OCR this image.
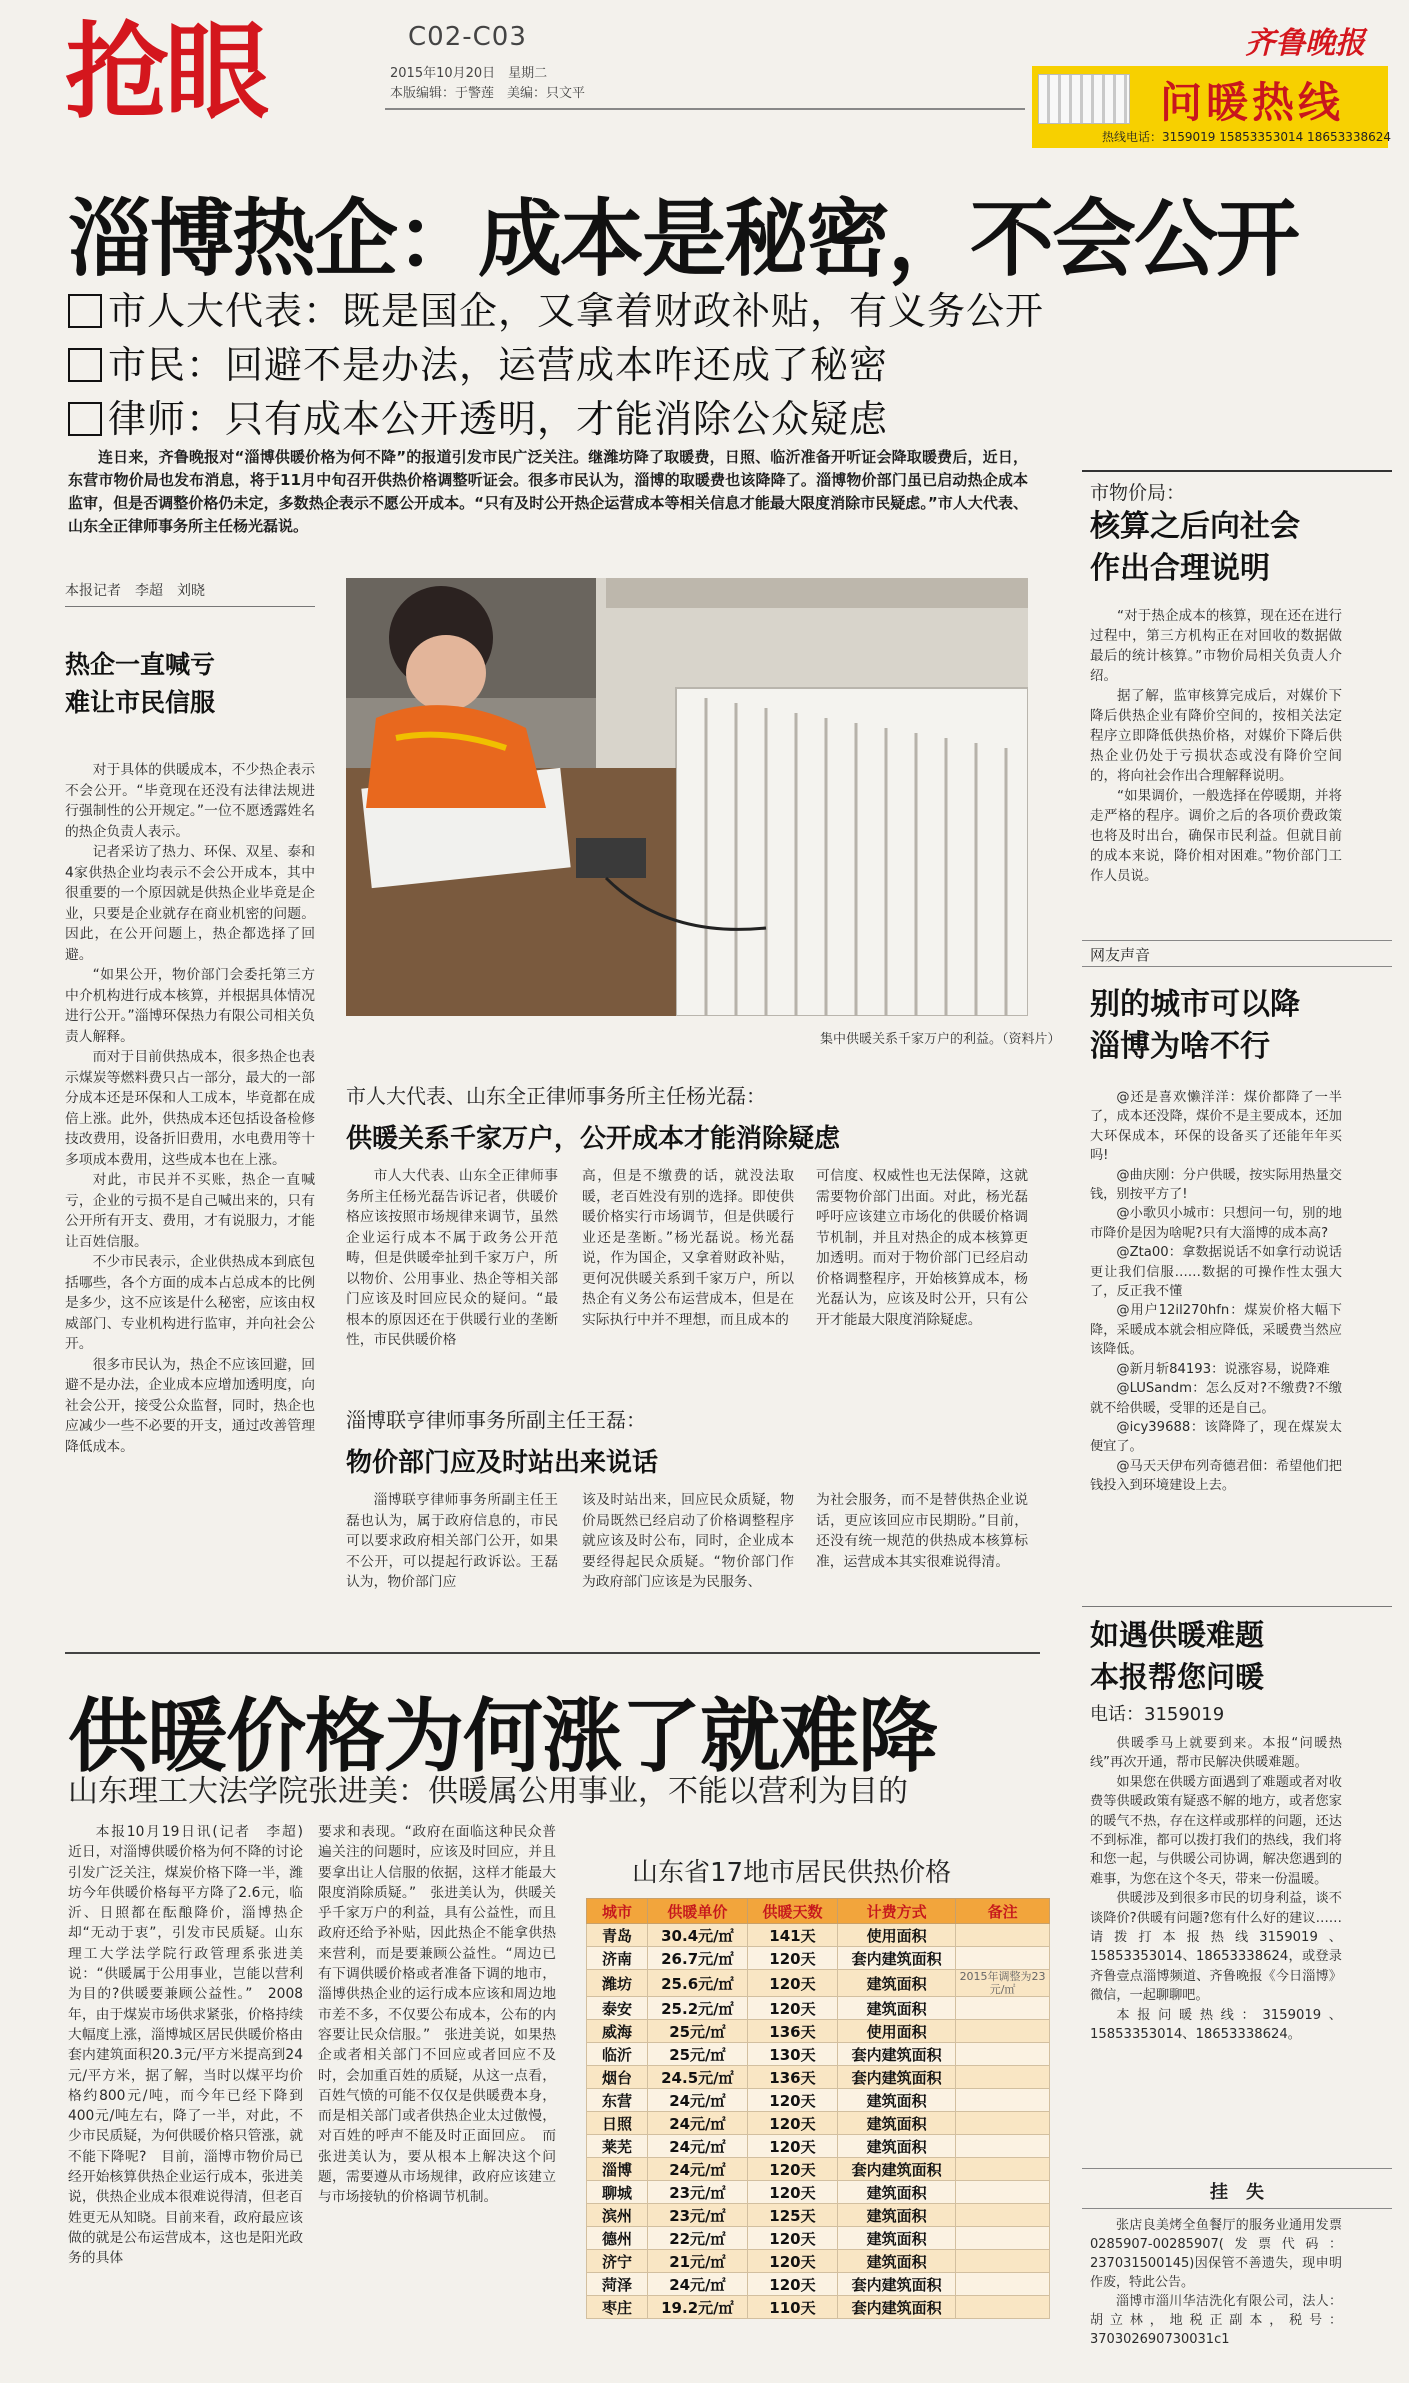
抢眼	C02-C03
2015年10月20日　星期二
本版编辑：于警莲　美编：只文平
齐鲁晚报
问暖热线
热线电话：3159019 15853353014 18653338624
淄博热企：成本是秘密，不会公开
市人大代表：既是国企，又拿着财政补贴，有义务公开
市民：回避不是办法，运营成本咋还成了秘密
律师：只有成本公开透明，才能消除公众疑虑

连日来，齐鲁晚报对“淄博供暖价格为何不降”的报道引发市民广泛关注。继潍坊降了取暖费，日照、临沂准备开听证会降取暖费后，近日，东营市物价局也发布消息，将于11月中旬召开供热价格调整听证会。很多市民认为，淄博的取暖费也该降降了。淄博物价部门虽已启动热企成本监审，但是否调整价格仍未定，多数热企表示不愿公开成本。“只有及时公开热企运营成本等相关信息才能最大限度消除市民疑虑。”市人大代表、山东全正律师事务所主任杨光磊说。

本报记者　李超　刘晓
热企一直喊亏
难让市民信服

对于具体的供暖成本，不少热企表示不会公开。“毕竟现在还没有法律法规进行强制性的公开规定。”一位不愿透露姓名的热企负责人表示。

记者采访了热力、环保、双星、泰和4家供热企业均表示不会公开成本，其中很重要的一个原因就是供热企业毕竟是企业，只要是企业就存在商业机密的问题。因此，在公开问题上，热企都选择了回避。

“如果公开，物价部门会委托第三方中介机构进行成本核算，并根据具体情况进行公开。”淄博环保热力有限公司相关负责人解释。

而对于目前供热成本，很多热企也表示煤炭等燃料费只占一部分，最大的一部分成本还是环保和人工成本，毕竟都在成倍上涨。此外，供热成本还包括设备检修技改费用，设备折旧费用，水电费用等十多项成本费用，这些成本也在上涨。

对此，市民并不买账，热企一直喊亏，企业的亏损不是自己喊出来的，只有公开所有开支、费用，才有说服力，才能让百姓信服。

不少市民表示，企业供热成本到底包括哪些，各个方面的成本占总成本的比例是多少，这不应该是什么秘密，应该由权威部门、专业机构进行监审，并向社会公开。

很多市民认为，热企不应该回避，回避不是办法，企业成本应增加透明度，向社会公开，接受公众监督，同时，热企也应减少一些不必要的开支，通过改善管理降低成本。

集中供暖关系千家万户的利益。（资料片）
市人大代表、山东全正律师事务所主任杨光磊：
供暖关系千家万户，公开成本才能消除疑虑

市人大代表、山东全正律师事务所主任杨光磊告诉记者，供暖价格应该按照市场规律来调节，虽然企业运行成本不属于政务公开范畴，但是供暖牵扯到千家万户，所以物价、公用事业、热企等相关部门应该及时回应民众的疑问。“最根本的原因还在于供暖行业的垄断性，市民供暖价格

高，但是不缴费的话，就没法取暖，老百姓没有别的选择。即使供暖价格实行市场调节，但是供暖行业还是垄断。”杨光磊说。杨光磊说，作为国企，又拿着财政补贴，更何况供暖关系到千家万户，所以热企有义务公布运营成本，但是在实际执行中并不理想，而且成本的

可信度、权威性也无法保障，这就需要物价部门出面。对此，杨光磊呼吁应该建立市场化的供暖价格调节机制，并且对热企的成本核算更加透明。而对于物价部门已经启动价格调整程序，开始核算成本，杨光磊认为，应该及时公开，只有公开才能最大限度消除疑虑。

淄博联亨律师事务所副主任王磊：
物价部门应及时站出来说话

淄博联亨律师事务所副主任王磊也认为，属于政府信息的，市民可以要求政府相关部门公开，如果不公开，可以提起行政诉讼。王磊认为，物价部门应

该及时站出来，回应民众质疑，物价局既然已经启动了价格调整程序就应该及时公布，同时，企业成本要经得起民众质疑。“物价部门作为政府部门应该是为民服务、

为社会服务，而不是替供热企业说话，更应该回应市民期盼。”目前，还没有统一规范的供热成本核算标准，运营成本其实很难说得清。

供暖价格为何涨了就难降
山东理工大法学院张进美：供暖属公用事业，不能以营利为目的

本报10月19日讯(记者　李超)　近日，对淄博供暖价格为何不降的讨论引发广泛关注，煤炭价格下降一半，潍坊今年供暖价格每平方降了2.6元，临沂、日照都在酝酿降价，淄博热企却“无动于衷”，引发市民质疑。山东理工大学法学院行政管理系张进美说：“供暖属于公用事业，岂能以营利为目的?供暖要兼顾公益性。”　2008年，由于煤炭市场供求紧张，价格持续大幅度上涨，淄博城区居民供暖价格由套内建筑面积20.3元/平方米提高到24元/平方米，据了解，当时以煤平均价格约800元/吨，而今年已经下降到400元/吨左右，降了一半，对此，不少市民质疑，为何供暖价格只管涨，就不能下降呢?　目前，淄博市物价局已经开始核算供热企业运行成本，张进美说，供热企业成本很难说得清，但老百姓更无从知晓。目前来看，政府最应该做的就是公布运营成本，这也是阳光政务的具体

要求和表现。“政府在面临这种民众普遍关注的问题时，应该及时回应，并且要拿出让人信服的依据，这样才能最大限度消除质疑。”　张进美认为，供暖关乎千家万户的利益，具有公益性，而且政府还给予补贴，因此热企不能拿供热来营利，而是要兼顾公益性。“周边已有下调供暖价格或者准备下调的地市，淄博供热企业的运行成本应该和周边地市差不多，不仅要公布成本，公布的内容要让民众信服。”　张进美说，如果热企或者相关部门不回应或者回应不及时，会加重百姓的质疑，从这一点看，百姓气愤的可能不仅仅是供暖费本身，而是相关部门或者供热企业太过傲慢，对百姓的呼声不能及时正面回应。　而张进美认为，要从根本上解决这个问题，需要遵从市场规律，政府应该建立与市场接轨的价格调节机制。

山东省17地市居民供热价格
城市	供暖单价	供暖天数	计费方式	备注
青岛	30.4元/㎡	141天	使用面积	
济南	26.7元/㎡	120天	套内建筑面积	
潍坊	25.6元/㎡	120天	建筑面积	2015年调整为23元/㎡
泰安	25.2元/㎡	120天	建筑面积	
威海	25元/㎡	136天	使用面积	
临沂	25元/㎡	130天	套内建筑面积	
烟台	24.5元/㎡	136天	套内建筑面积	
东营	24元/㎡	120天	建筑面积	
日照	24元/㎡	120天	建筑面积	
莱芜	24元/㎡	120天	建筑面积	
淄博	24元/㎡	120天	套内建筑面积	
聊城	23元/㎡	120天	建筑面积	
滨州	23元/㎡	125天	建筑面积	
德州	22元/㎡	120天	建筑面积	
济宁	21元/㎡	120天	建筑面积	
菏泽	24元/㎡	120天	套内建筑面积	
枣庄	19.2元/㎡	110天	套内建筑面积	
市物价局：
核算之后向社会
作出合理说明

“对于热企成本的核算，现在还在进行过程中，第三方机构正在对回收的数据做最后的统计核算。”市物价局相关负责人介绍。

据了解，监审核算完成后，对媒价下降后供热企业有降价空间的，按相关法定程序立即降低供热价格，对媒价下降后供热企业仍处于亏损状态或没有降价空间的，将向社会作出合理解释说明。

“如果调价，一般选择在停暖期，并将走严格的程序。调价之后的各项价费政策也将及时出台，确保市民利益。但就目前的成本来说，降价相对困难。”物价部门工作人员说。

网友声音
别的城市可以降
淄博为啥不行

@还是喜欢懒洋洋：煤价都降了一半了，成本还没降，煤价不是主要成本，还加大环保成本，环保的设备买了还能年年买吗!

@曲庆刚：分户供暖，按实际用热量交钱，别按平方了!

@小歌贝小城市：只想问一句，别的地市降价是因为啥呢?只有大淄博的成本高?

@Zta00：拿数据说话不如拿行动说话更让我们信服……数据的可操作性太强大了，反正我不懂

@用户12il270hfn：煤炭价格大幅下降，采暖成本就会相应降低，采暖费当然应该降低。

@新月斩84193：说涨容易，说降难

@LUSandm：怎么反对?不缴费?不缴就不给供暖，受罪的还是自己。

@icy39688：该降降了，现在煤炭太便宜了。

@马天天伊布列奇德君佃：希望他们把钱投入到环境建设上去。

如遇供暖难题
本报帮您问暖
电话：3159019

供暖季马上就要到来。本报“问暖热线”再次开通，帮市民解决供暖难题。

如果您在供暖方面遇到了难题或者对收费等供暖政策有疑惑不解的地方，或者您家的暖气不热，存在这样或那样的问题，还达不到标准，都可以拨打我们的热线，我们将和您一起，与供暖公司协调，解决您遇到的难事，为您在这个冬天，带来一份温暖。

供暖涉及到很多市民的切身利益，谈不谈降价?供暖有问题?您有什么好的建议……请拨打本报热线3159019、15853353014、18653338624，或登录齐鲁壹点淄博频道、齐鲁晚报《今日淄博》微信，一起聊聊吧。

本报问暖热线：3159019、15853353014、18653338624。

挂　失

张店良美烤全鱼餐厅的服务业通用发票0285907-00285907(发票代码：237031500145)因保管不善遗失，现申明作废，特此公告。

淄博市淄川华洁洗化有限公司，法人：胡立林，地税正副本，税号：370302690730031c1
